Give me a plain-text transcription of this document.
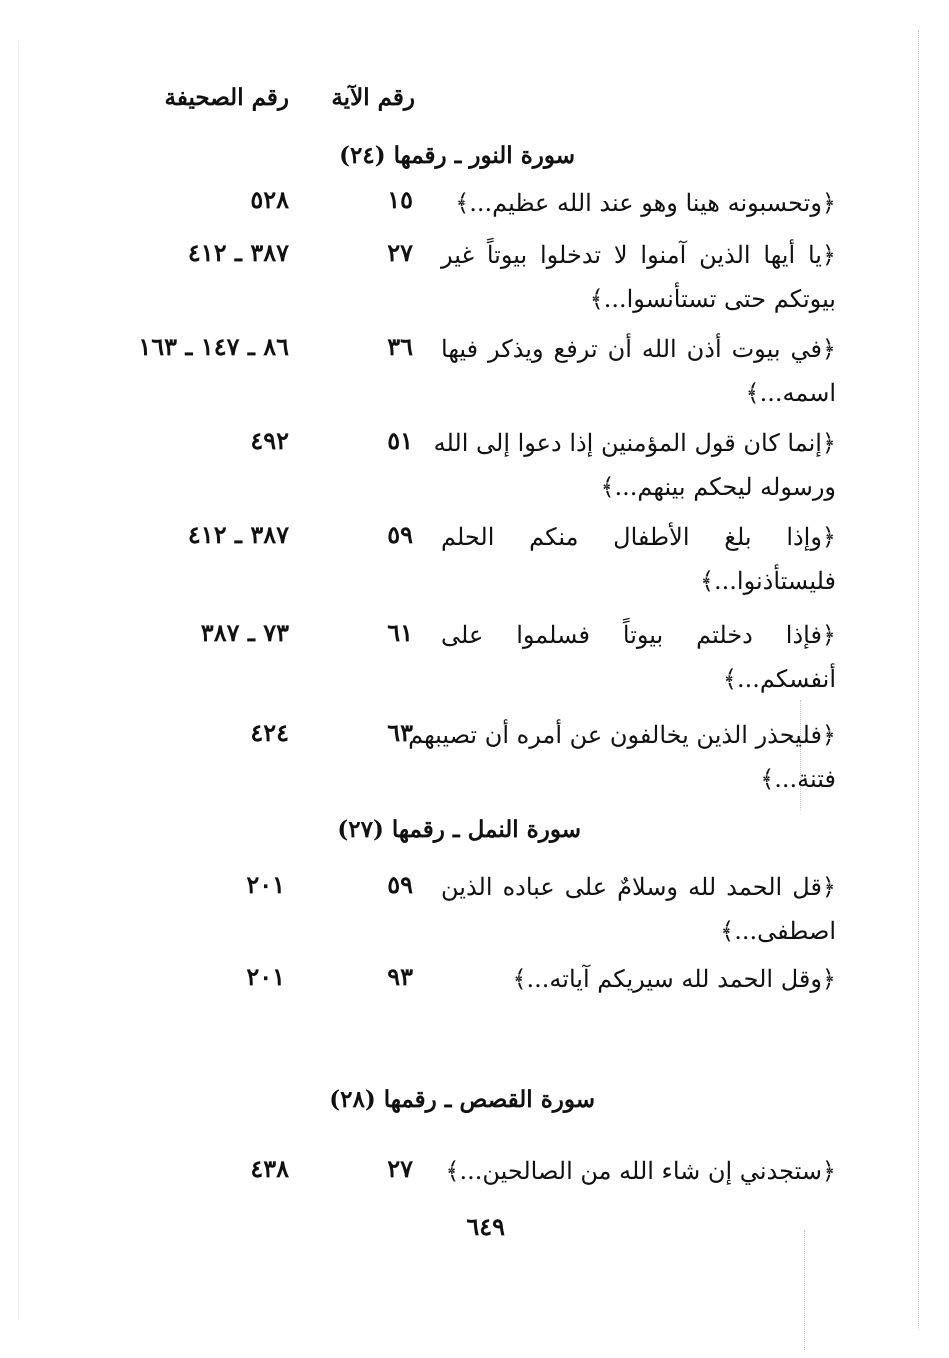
رقم الآية
رقم الصحيفة
سورة النور ـ رقمها (٢٤)
﴿وتحسبونه هينا وهو عند الله عظيم...﴾
١٥
٥٢٨
﴿يا أيها الذين آمنوا لا تدخلوا بيوتاً غير
بيوتكم حتى تستأنسوا...﴾
٢٧
٣٨٧ ـ ٤١٢
﴿في بيوت أذن الله أن ترفع ويذكر فيها
اسمه...﴾
٣٦
٨٦ ـ ١٤٧ ـ ١٦٣
﴿إنما كان قول المؤمنين إذا دعوا إلى الله
ورسوله ليحكم بينهم...﴾
٥١
٤٩٢
﴿وإذا بلغ الأطفال منكم الحلم
فليستأذنوا...﴾
٥٩
٣٨٧ ـ ٤١٢
﴿فإذا دخلتم بيوتاً فسلموا على
أنفسكم...﴾
٦١
٧٣ ـ ٣٨٧
﴿فليحذر الذين يخالفون عن أمره أن تصيبهم
فتنة...﴾
٦٣
٤٢٤
سورة النمل ـ رقمها (٢٧)
﴿قل الحمد لله وسلامٌ على عباده الذين
اصطفى...﴾
٥٩
٢٠١
﴿وقل الحمد لله سيريكم آياته...﴾
٩٣
٢٠١
سورة القصص ـ رقمها (٢٨)
﴿ستجدني إن شاء الله من الصالحين...﴾
٢٧
٤٣٨
٦٤٩
